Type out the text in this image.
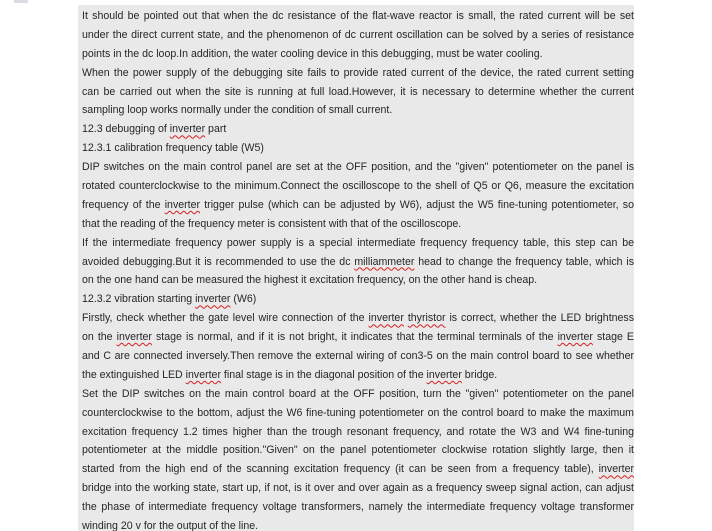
It should be pointed out that when the dc resistance of the flat-wave reactor is small, the rated current will be set
under the direct current state, and the phenomenon of dc current oscillation can be solved by a series of resistance
points in the dc loop.In addition, the water cooling device in this debugging, must be water cooling.
When the power supply of the debugging site fails to provide rated current of the device, the rated current setting
can be carried out when the site is running at full load.However, it is necessary to determine whether the current
sampling loop works normally under the condition of small current.
12.3 debugging of inverter part
12.3.1 calibration frequency table (W5)
DIP switches on the main control panel are set at the OFF position, and the "given" potentiometer on the panel is
rotated counterclockwise to the minimum.Connect the oscilloscope to the shell of Q5 or Q6, measure the excitation
frequency of the inverter trigger pulse (which can be adjusted by W6), adjust the W5 fine-tuning potentiometer, so
that the reading of the frequency meter is consistent with that of the oscilloscope.
If the intermediate frequency power supply is a special intermediate frequency frequency table, this step can be
avoided debugging.But it is recommended to use the dc milliammeter head to change the frequency table, which is
on the one hand can be measured the highest it excitation frequency, on the other hand is cheap.
12.3.2 vibration starting inverter (W6)
Firstly, check whether the gate level wire connection of the inverter thyristor is correct, whether the LED brightness
on the inverter stage is normal, and if it is not bright, it indicates that the terminal terminals of the inverter stage E
and C are connected inversely.Then remove the external wiring of con3-5 on the main control board to see whether
the extinguished LED inverter final stage is in the diagonal position of the inverter bridge.
Set the DIP switches on the main control board at the OFF position, turn the "given" potentiometer on the panel
counterclockwise to the bottom, adjust the W6 fine-tuning potentiometer on the control board to make the maximum
excitation frequency 1.2 times higher than the trough resonant frequency, and rotate the W3 and W4 fine-tuning
potentiometer at the middle position."Given" on the panel potentiometer clockwise rotation slightly large, then it
started from the high end of the scanning excitation frequency (it can be seen from a frequency table), inverter
bridge into the working state, start up, if not, is it over and over again as a frequency sweep signal action, can adjust
the phase of intermediate frequency voltage transformers, namely the intermediate frequency voltage transformer
winding 20 v for the output of the line.
